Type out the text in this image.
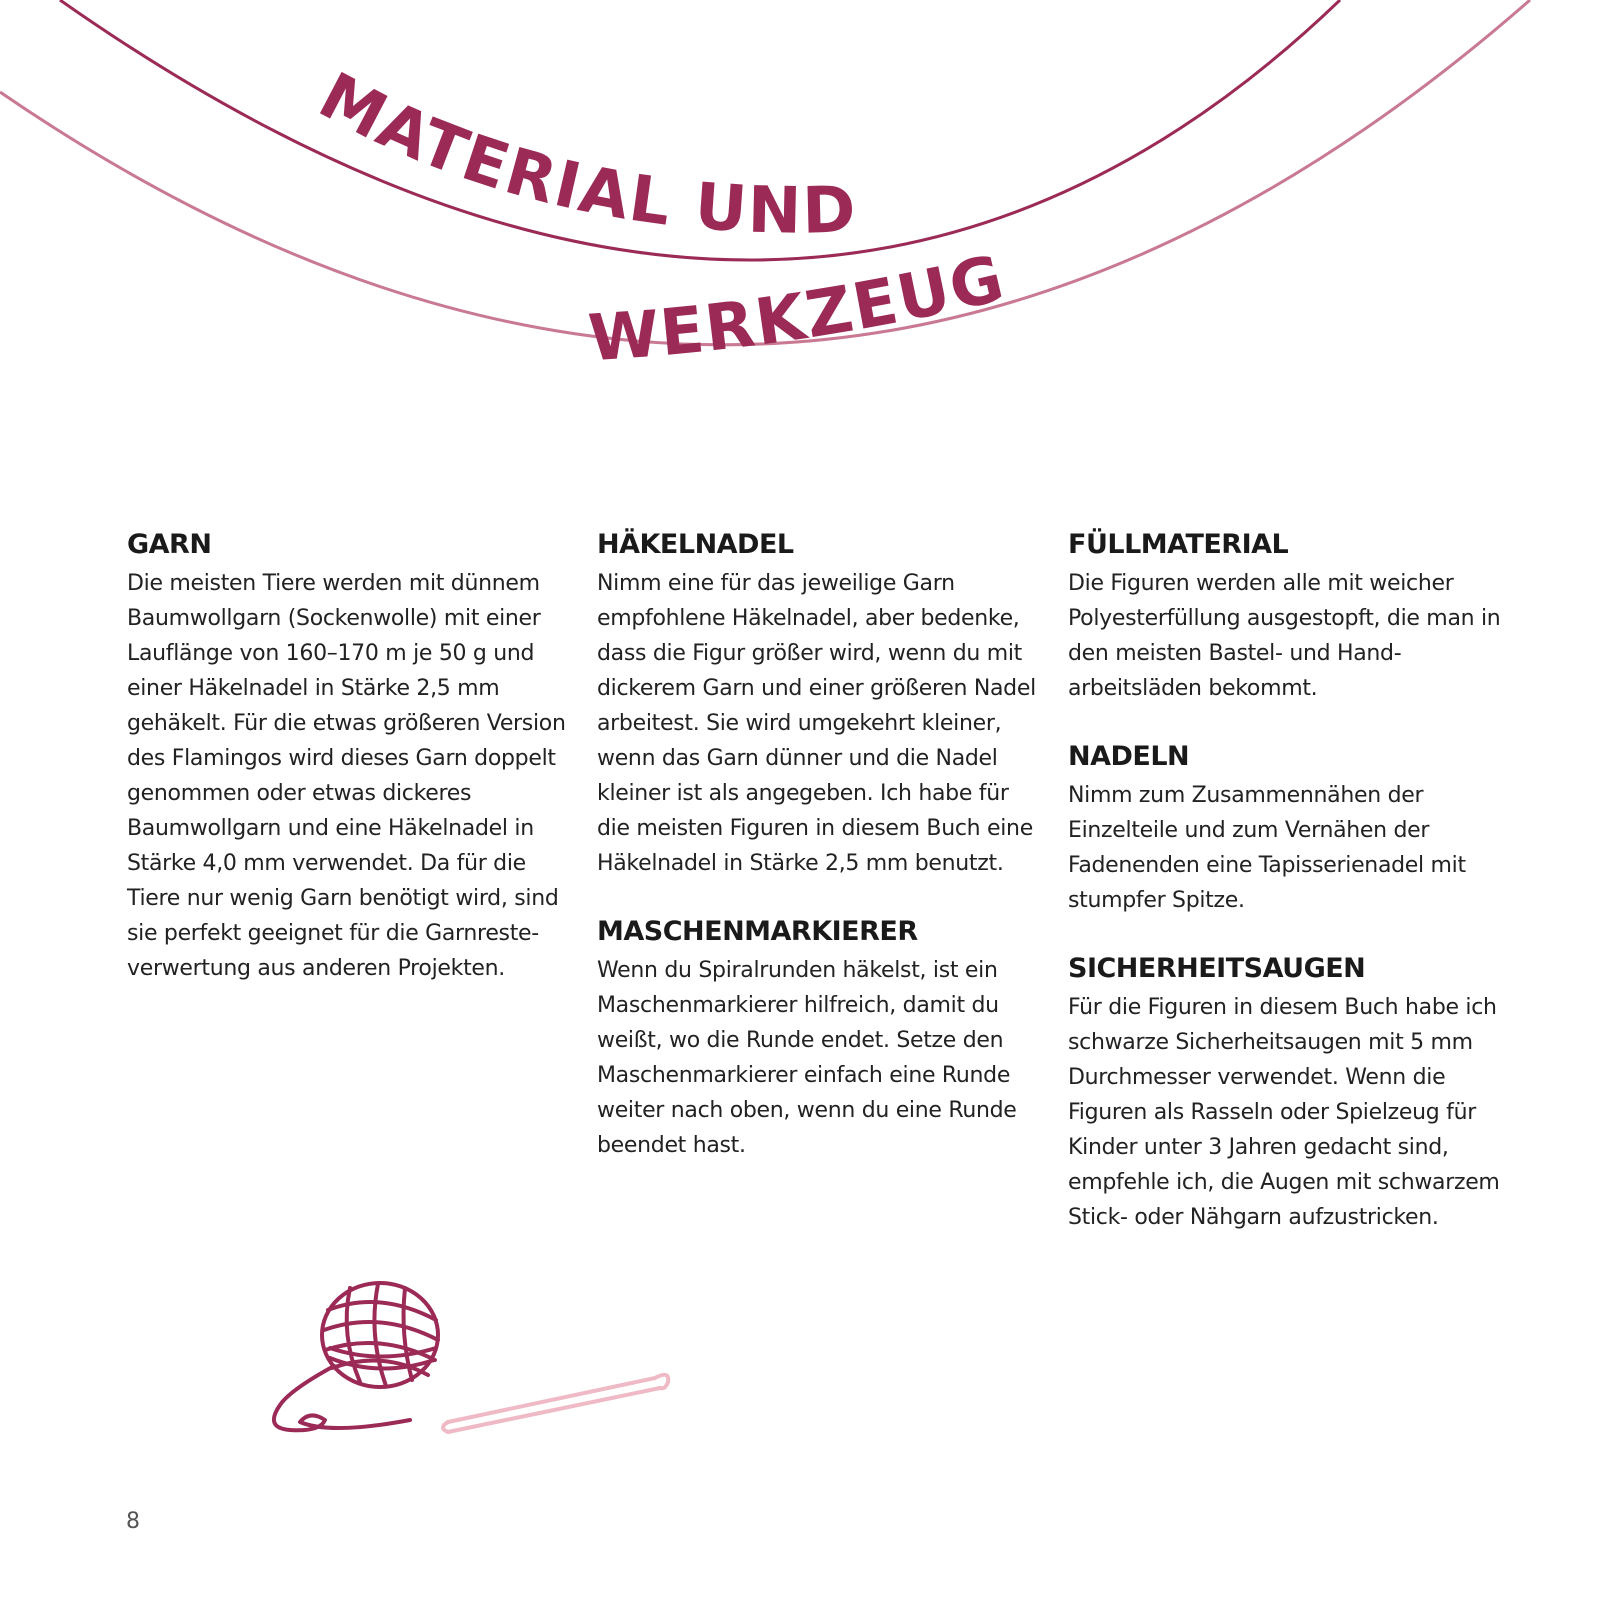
MATERIAL UND
WERKZEUG
GARN

Die meisten Tiere werden mit dünnem Baumwollgarn (Sockenwolle) mit einer Lauflänge von 160–170 m je 50 g und einer Häkelnadel in Stärke 2,5 mm gehäkelt. Für die etwas größeren Version des Flamingos wird dieses Garn doppelt genommen oder etwas dickeres Baumwollgarn und eine Häkelnadel in Stärke 4,0 mm verwendet. Da für die Tiere nur wenig Garn benötigt wird, sind sie perfekt geeignet für die Garnresteverwertung aus anderen Projekten.

HÄKELNADEL

Nimm eine für das jeweilige Garn empfohlene Häkelnadel, aber bedenke, dass die Figur größer wird, wenn du mit dickerem Garn und einer größeren Nadel arbeitest. Sie wird umgekehrt kleiner, wenn das Garn dünner und die Nadel kleiner ist als angegeben. Ich habe für die meisten Figuren in diesem Buch eine Häkelnadel in Stärke 2,5 mm benutzt.

MASCHENMARKIERER

Wenn du Spiralrunden häkelst, ist ein Maschenmarkierer hilfreich, damit du weißt, wo die Runde endet. Setze den Maschenmarkierer einfach eine Runde weiter nach oben, wenn du eine Runde beendet hast.

FÜLLMATERIAL

Die Figuren werden alle mit weicher Polyesterfüllung ausgestopft, die man in den meisten Bastel- und Handarbeitsläden bekommt.

NADELN

Nimm zum Zusammennähen der Einzelteile und zum Vernähen der Fadenenden eine Tapisserienadel mit stumpfer Spitze.

SICHERHEITSAUGEN

Für die Figuren in diesem Buch habe ich schwarze Sicherheitsaugen mit 5 mm Durchmesser verwendet. Wenn die Figuren als Rasseln oder Spielzeug für Kinder unter 3 Jahren gedacht sind, empfehle ich, die Augen mit schwarzem Stick- oder Nähgarn aufzustricken.

8
